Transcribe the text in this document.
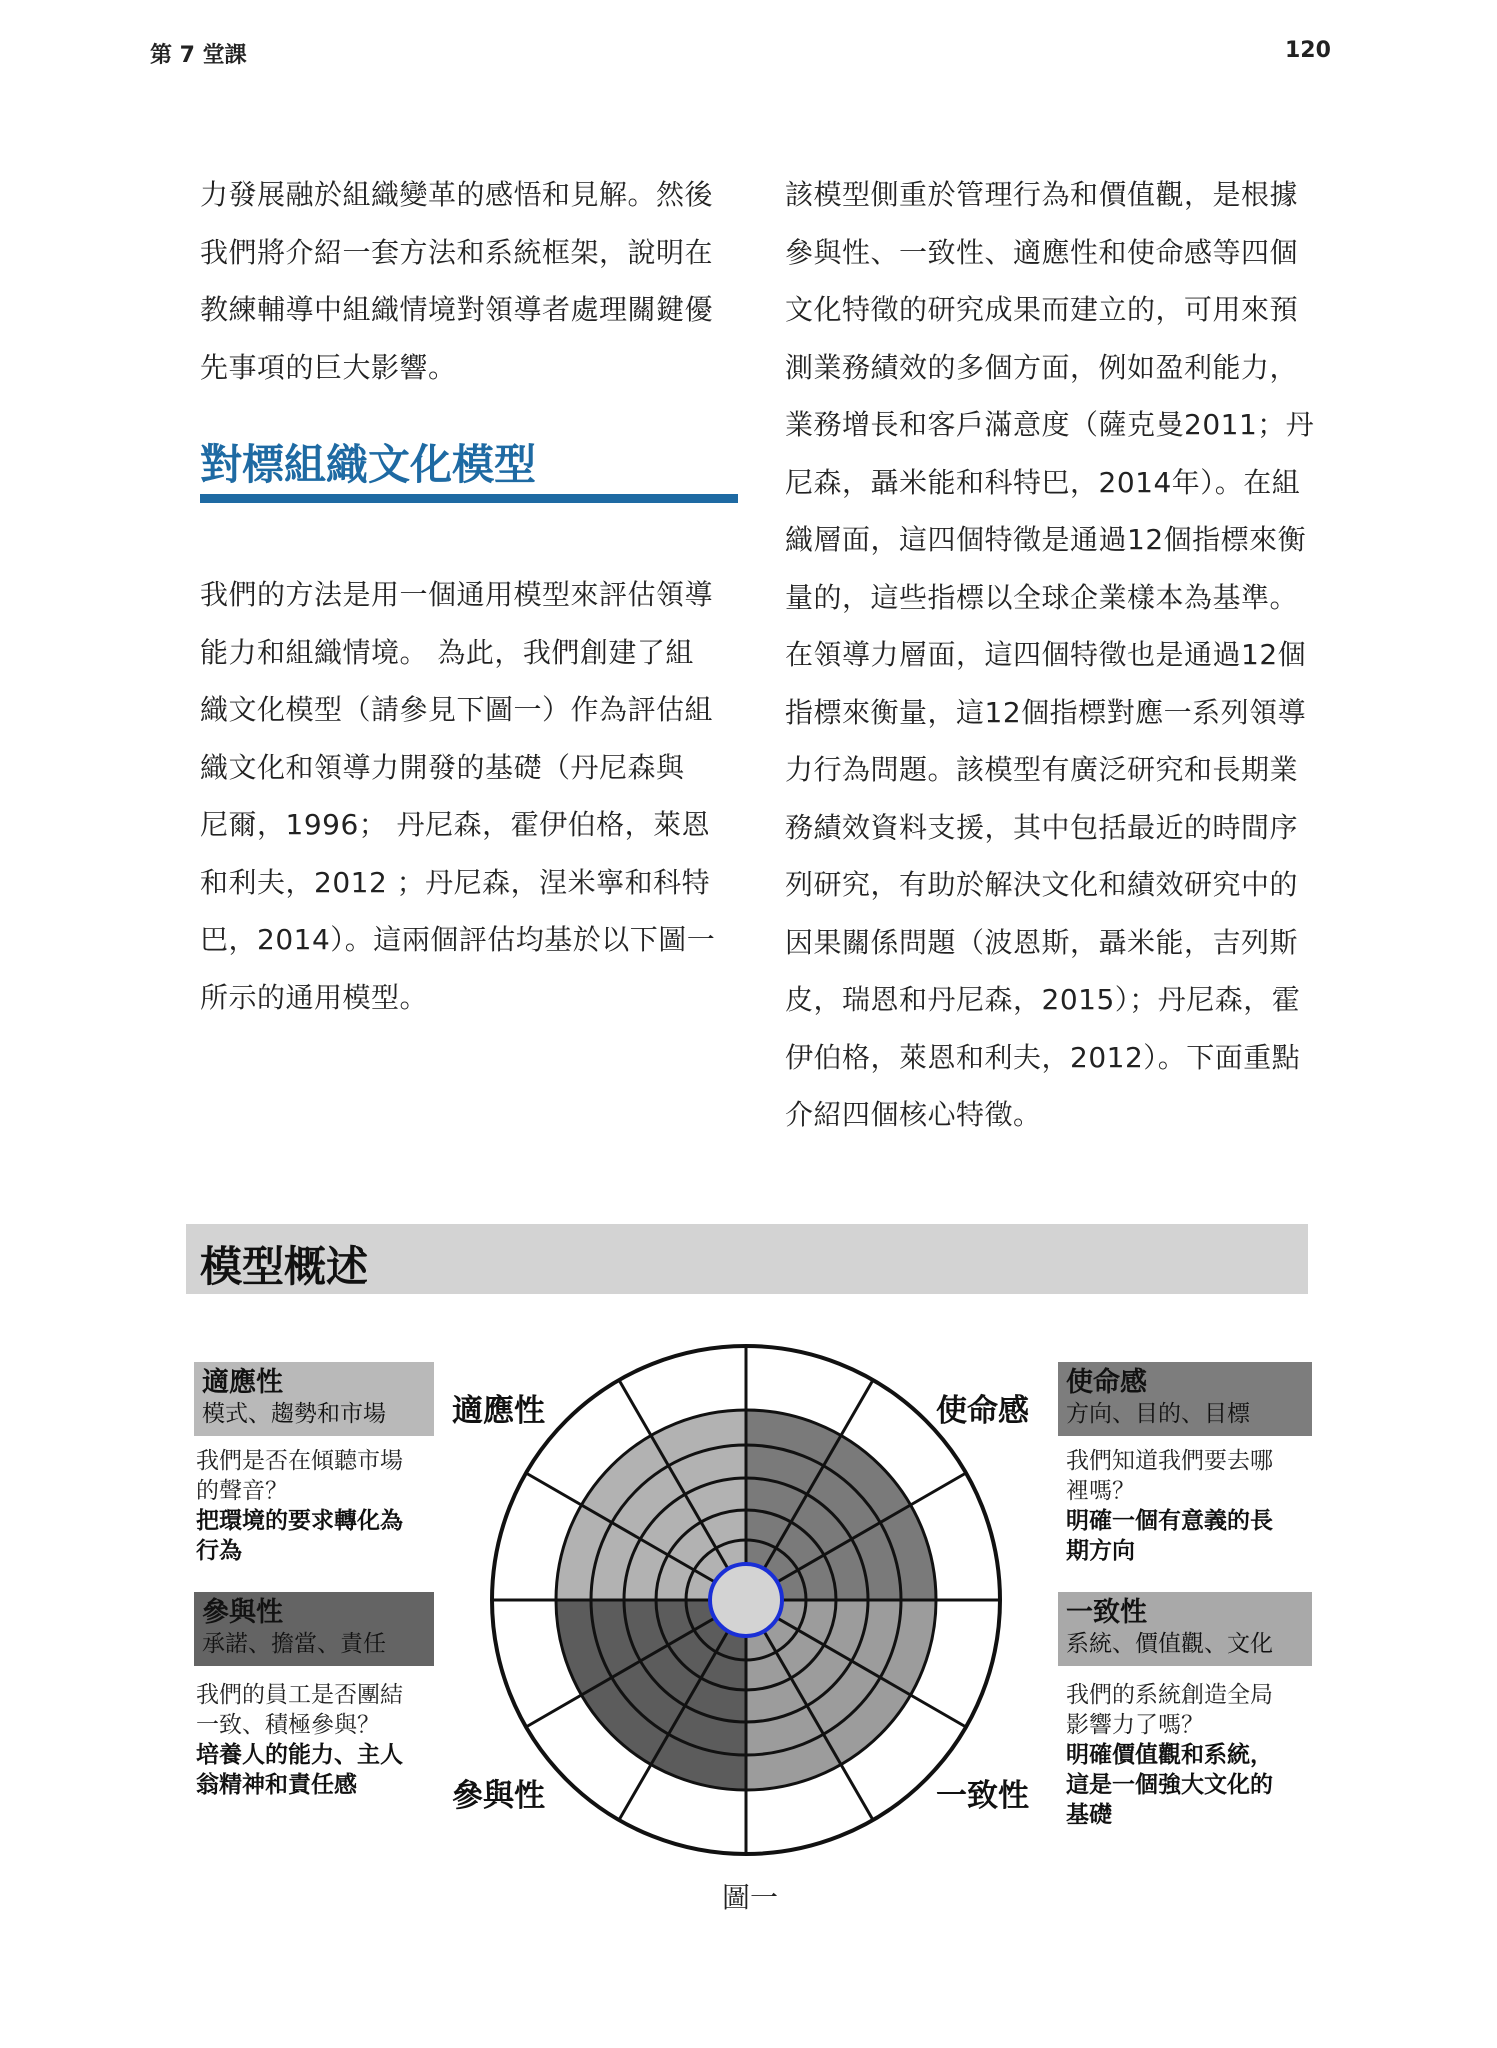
第 7 堂課	120

力發展融於組織變革的感悟和見解。然後

我們將介紹一套方法和系統框架，說明在

教練輔導中組織情境對領導者處理關鍵優

先事項的巨大影響。

對標組織文化模型

我們的方法是用一個通用模型來評估領導

能力和組織情境。 為此，我們創建了組

織文化模型（請參見下圖一）作為評估組

織文化和領導力開發的基礎（丹尼森與

尼爾，1996； 丹尼森，霍伊伯格，萊恩

和利夫，2012 ；丹尼森，涅米寧和科特

巴，2014）。這兩個評估均基於以下圖一

所示的通用模型。

該模型側重於管理行為和價值觀，是根據

參與性、一致性、適應性和使命感等四個

文化特徵的研究成果而建立的，可用來預

測業務績效的多個方面，例如盈利能力，

業務增長和客戶滿意度（薩克曼2011；丹

尼森，聶米能和科特巴，2014年）。在組

織層面，這四個特徵是通過12個指標來衡

量的，這些指標以全球企業樣本為基準。

在領導力層面，這四個特徵也是通過12個

指標來衡量，這12個指標對應一系列領導

力行為問題。該模型有廣泛研究和長期業

務績效資料支援，其中包括最近的時間序

列研究，有助於解決文化和績效研究中的

因果關係問題（波恩斯，聶米能，吉列斯

皮，瑞恩和丹尼森，2015）；丹尼森，霍

伊伯格，萊恩和利夫，2012）。下面重點

介紹四個核心特徵。

模型概述
適應性
模式、趨勢和市場
我們是否在傾聽市場
的聲音？
把環境的要求轉化為
行為
參與性
承諾、擔當、責任
我們的員工是否團結
一致、積極參與？
培養人的能力、主人
翁精神和責任感
使命感
方向、目的、目標
我們知道我們要去哪
裡嗎？
明確一個有意義的長
期方向
一致性
系統、價值觀、文化
我們的系統創造全局
影響力了嗎？
明確價值觀和系統，
這是一個強大文化的
基礎
適應性	使命感
參與性	一致性
圖一
